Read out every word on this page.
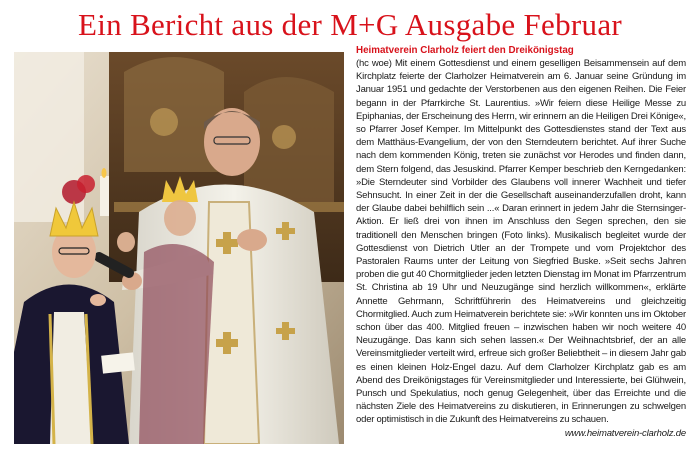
Ein Bericht aus der M+G Ausgabe Februar

Heimatverein Clarholz feiert den Dreikönigstag

(hc woe) Mit einem Gottesdienst und einem geselligen Beisammensein auf dem Kirchplatz feierte der Clarholzer Heimatverein am 6. Januar seine Gründung im Januar 1951 und gedachte der Verstorbenen aus den eigenen Reihen. Die Feier begann in der Pfarrkirche St. Laurentius. »Wir feiern diese Heilige Messe zu Epiphanias, der Erscheinung des Herrn, wir erinnern an die Heiligen Drei Könige«, so Pfarrer Josef Kemper. Im Mittelpunkt des Gottesdienstes stand der Text aus dem Matthäus-Evangelium, der von den Sterndeutern berichtet. Auf ihrer Suche nach dem kommenden König, treten sie zunächst vor Herodes und finden dann, dem Stern folgend, das Jesuskind. Pfarrer Kemper beschrieb den Kerngedanken: »Die Sterndeuter sind Vorbilder des Glaubens voll innerer Wachheit und tiefer Sehnsucht. In einer Zeit in der die Gesellschaft auseinanderzufallen droht, kann der Glaube dabei behilflich sein ...« Daran erinnert in jedem Jahr die Sternsinger-Aktion. Er ließ drei von ihnen im Anschluss den Segen sprechen, den sie traditionell den Menschen bringen (Foto links). Musikalisch begleitet wurde der Gottesdienst von Dietrich Utler an der Trompete und vom Projektchor des Pastoralen Raums unter der Leitung von Siegfried Buske. »Seit sechs Jahren proben die gut 40 Chormitglieder jeden letzten Dienstag im Monat im Pfarrzentrum St. Christina ab 19 Uhr und Neuzugänge sind herzlich willkommen«, erklärte Annette Gehrmann, Schriftführerin des Heimatvereins und gleichzeitig Chormitglied. Auch zum Heimatverein berichtete sie: »Wir konnten uns im Oktober schon über das 400. Mitglied freuen – inzwischen haben wir noch weitere 40 Neuzugänge. Das kann sich sehen lassen.« Der Weihnachtsbrief, der an alle Vereinsmitglieder verteilt wird, erfreue sich großer Beliebtheit – in diesem Jahr gab es einen kleinen Holz-Engel dazu. Auf dem Clarholzer Kirchplatz gab es am Abend des Dreikönigstages für Vereinsmitglieder und Interessierte, bei Glühwein, Punsch und Spekulatius, noch genug Gelegenheit, über das Erreichte und die nächsten Ziele des Heimatvereins zu diskutieren, in Erinnerungen zu schwelgen oder optimistisch in die Zukunft des Heimatvereins zu schauen.
www.heimatverein-clarholz.de
